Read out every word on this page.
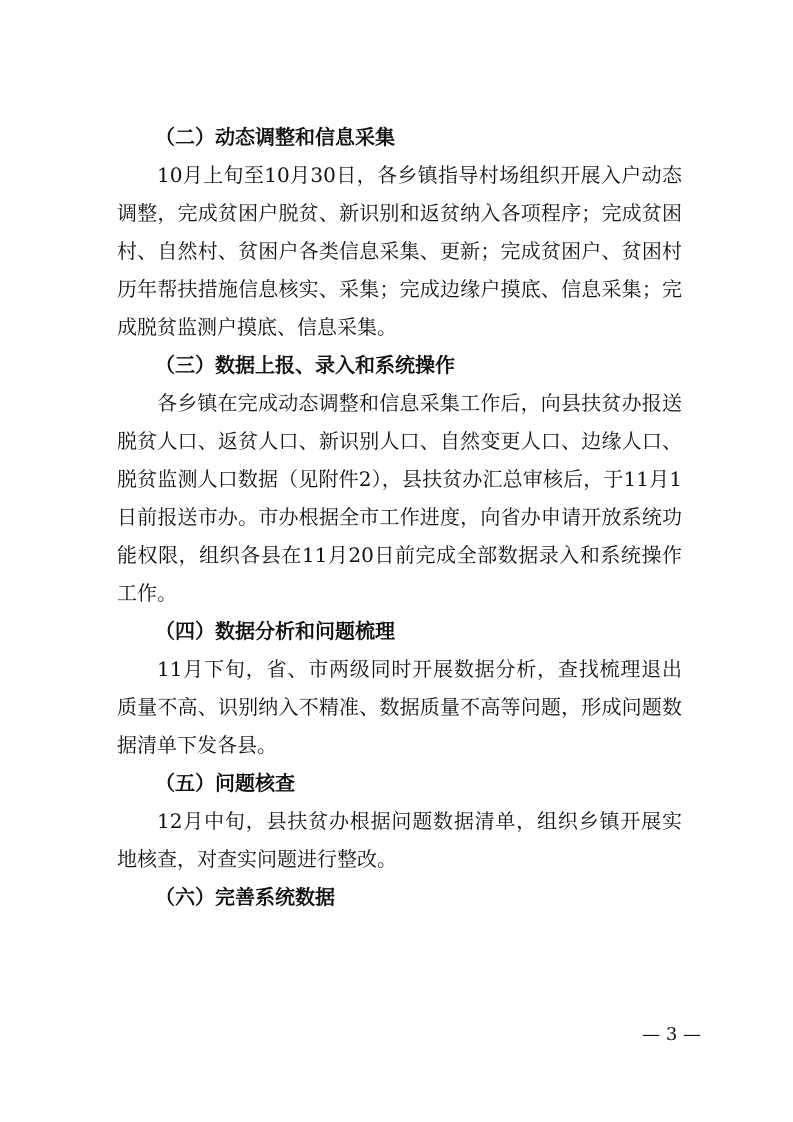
（二）动态调整和信息采集

10月上旬至10月30日，各乡镇指导村场组织开展入户动态调整，完成贫困户脱贫、新识别和返贫纳入各项程序；完成贫困村、自然村、贫困户各类信息采集、更新；完成贫困户、贫困村历年帮扶措施信息核实、采集；完成边缘户摸底、信息采集；完成脱贫监测户摸底、信息采集。

（三）数据上报、录入和系统操作

各乡镇在完成动态调整和信息采集工作后，向县扶贫办报送脱贫人口、返贫人口、新识别人口、自然变更人口、边缘人口、脱贫监测人口数据（见附件2），县扶贫办汇总审核后，于11月1日前报送市办。市办根据全市工作进度，向省办申请开放系统功能权限，组织各县在11月20日前完成全部数据录入和系统操作工作。

（四）数据分析和问题梳理

11月下旬，省、市两级同时开展数据分析，查找梳理退出质量不高、识别纳入不精准、数据质量不高等问题，形成问题数据清单下发各县。

（五）问题核查

12月中旬，县扶贫办根据问题数据清单，组织乡镇开展实地核查，对查实问题进行整改。

（六）完善系统数据
— 3 —
